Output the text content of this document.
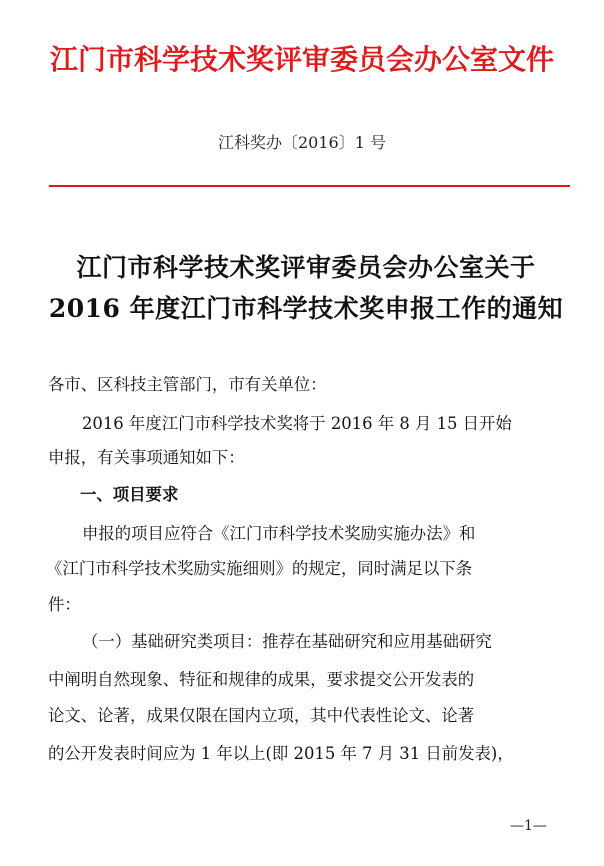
江门市科学技术奖评审委员会办公室文件
江科奖办〔2016〕1 号
江门市科学技术奖评审委员会办公室关于
2016 年度江门市科学技术奖申报工作的通知
各市、区科技主管部门，市有关单位：
2016 年度江门市科学技术奖将于 2016 年 8 月 15 日开始
申报，有关事项通知如下：
一、项目要求
申报的项目应符合《江门市科学技术奖励实施办法》和
《江门市科学技术奖励实施细则》的规定，同时满足以下条
件：
（一）基础研究类项目：推荐在基础研究和应用基础研究
中阐明自然现象、特征和规律的成果，要求提交公开发表的
论文、论著，成果仅限在国内立项，其中代表性论文、论著
的公开发表时间应为 1 年以上(即 2015 年 7 月 31 日前发表)，
—1—
